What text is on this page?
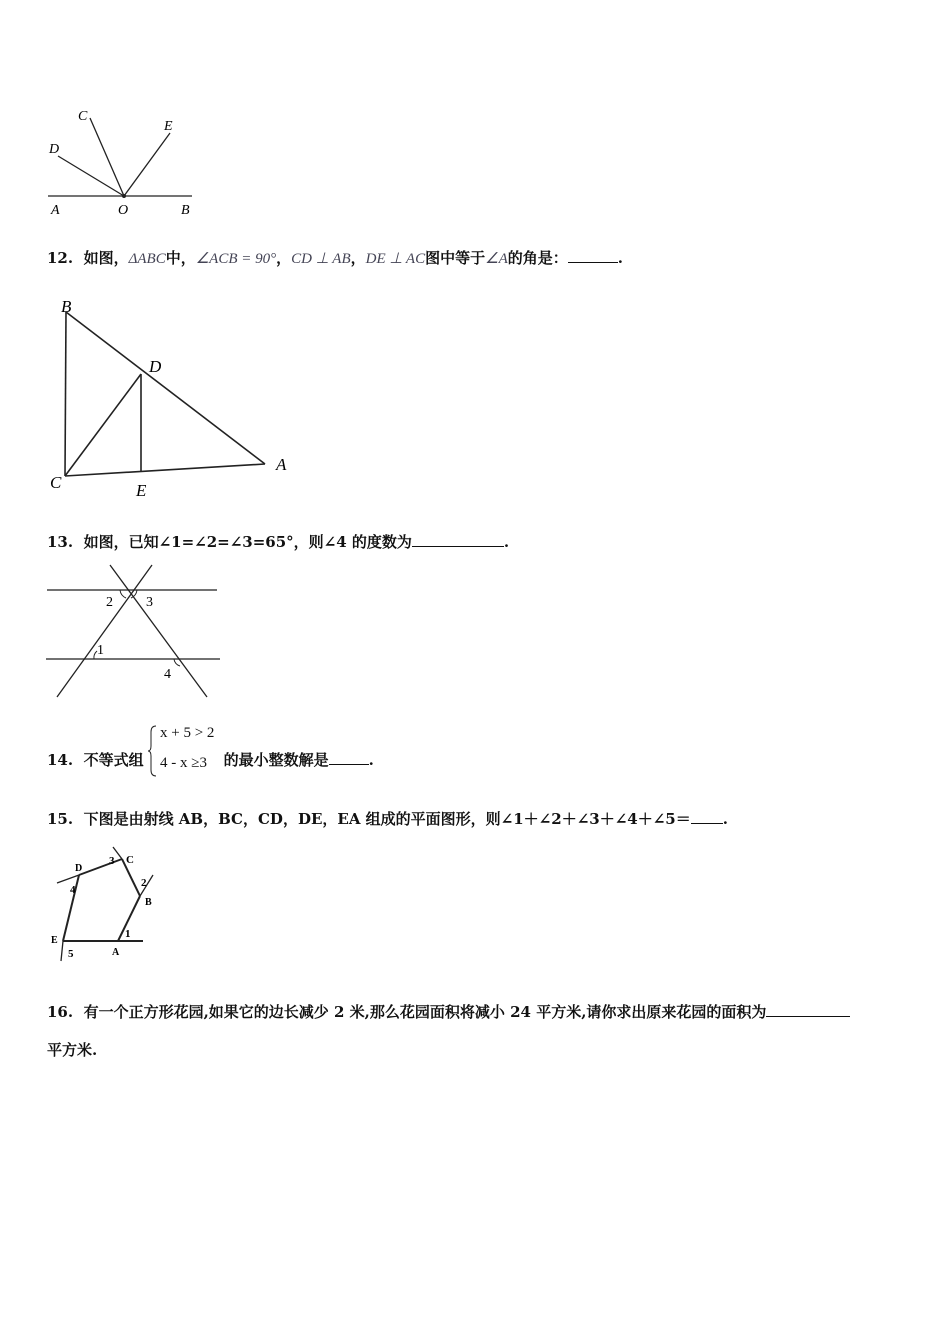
C
D
E
A	O	B
12. 如图，ΔABC中，∠ACB = 90°，CD ⊥ AB，DE ⊥ AC图中等于∠A的角是：	.
B
D
C	E
A
13. 如图，已知∠1=∠2=∠3=65°，则∠4 的度数为	.
2 3
1
4
14. 不等式组	的最小整数解是	.
x + 5 > 2
4 - x ≥3
15. 下图是由射线 AB，BC，CD，DE，EA 组成的平面图形，则∠1＋∠2＋∠3＋∠4＋∠5＝ .
C
D
B
E
A
1
2
3
4
5
16. 有一个正方形花园,如果它的边长减少 2 米,那么花园面积将减小 24 平方米,请你求出原来花园的面积为
平方米.
